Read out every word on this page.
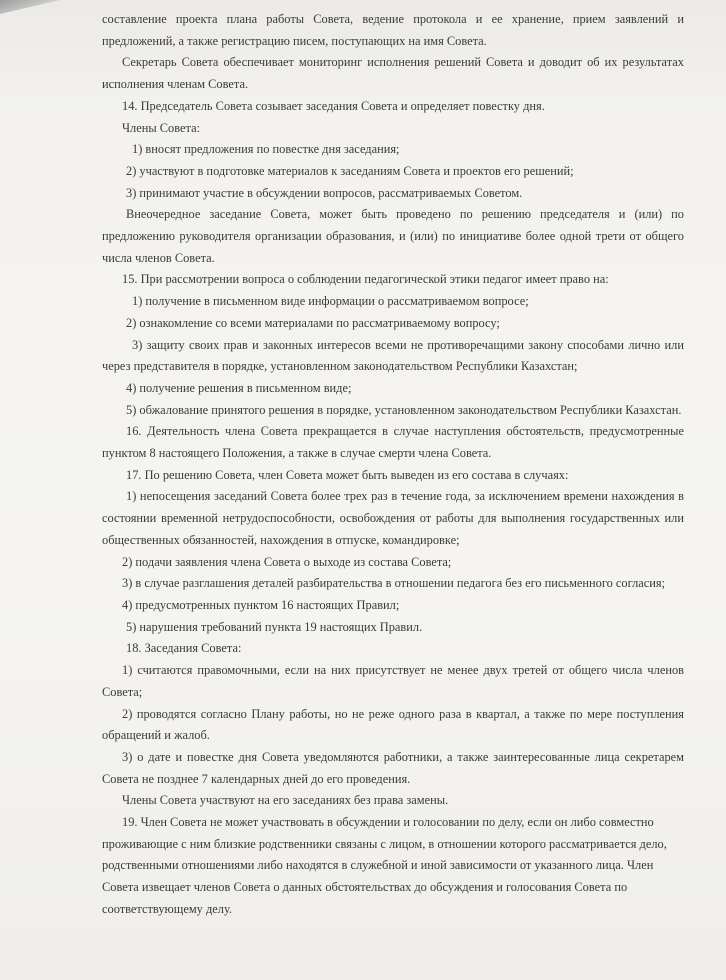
составление проекта плана работы Совета, ведение протокола и ее хранение, прием заявлений и предложений, а также регистрацию писем, поступающих на имя Совета.

Секретарь Совета обеспечивает мониторинг исполнения решений Совета и доводит об их результатах исполнения членам Совета.

14. Председатель Совета созывает заседания Совета и определяет повестку дня.

Члены Совета:

1) вносят предложения по повестке дня заседания;

2) участвуют в подготовке материалов к заседаниям Совета и проектов его решений;

3) принимают участие в обсуждении вопросов, рассматриваемых Советом.

Внеочередное заседание Совета, может быть проведено по решению председателя и (или) по предложению руководителя организации образования, и (или) по инициативе более одной трети от общего числа членов Совета.

15. При рассмотрении вопроса о соблюдении педагогической этики педагог имеет право на:

1) получение в письменном виде информации о рассматриваемом вопросе;

2) ознакомление со всеми материалами по рассматриваемому вопросу;

3) защиту своих прав и законных интересов всеми не противоречащими закону способами лично или через представителя в порядке, установленном законодательством Республики Казахстан;

4) получение решения в письменном виде;

5) обжалование принятого решения в порядке, установленном законодательством Республики Казахстан.

16. Деятельность члена Совета прекращается в случае наступления обстоятельств, предусмотренные пунктом 8 настоящего Положения, а также в случае смерти члена Совета.

17. По решению Совета, член Совета может быть выведен из его состава в случаях:

1) непосещения заседаний Совета более трех раз в течение года, за исключением времени нахождения в состоянии временной нетрудоспособности, освобождения от работы для выполнения государственных или общественных обязанностей, нахождения в отпуске, командировке;

2) подачи заявления члена Совета о выходе из состава Совета;

3) в случае разглашения деталей разбирательства в отношении педагога без его письменного согласия;

4) предусмотренных пунктом 16 настоящих Правил;

5) нарушения требований пункта 19 настоящих Правил.

18. Заседания Совета:

1) считаются правомочными, если на них присутствует не менее двух третей от общего числа членов Совета;

2) проводятся согласно Плану работы, но не реже одного раза в квартал, а также по мере поступления обращений и жалоб.

3) о дате и повестке дня Совета уведомляются работники, а также заинтересованные лица секретарем Совета не позднее 7 календарных дней до его проведения.

Члены Совета участвуют на его заседаниях без права замены.

19. Член Совета не может участвовать в обсуждении и голосовании по делу, если он либо совместно проживающие с ним близкие родственники связаны с лицом, в отношении которого рассматривается дело, родственными отношениями либо находятся в служебной и иной зависимости от указанного лица. Член Совета извещает членов Совета о данных обстоятельствах до обсуждения и голосования Совета по соответствующему делу.
